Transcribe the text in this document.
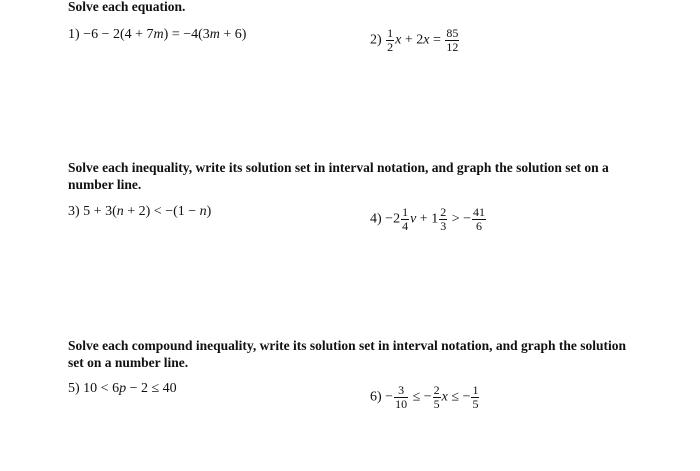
Solve each equation.
1) −6 − 2(4 + 7m) = −4(3m + 6)	$2) \frac{1}{2}$ $x + 2x = \frac{85}{12}$
Solve each inequality, write its solution set in interval notation, and graph the solution set on a number line.
3) 5 + 3(n + 2) < −(1 − n)
$4) -2 \frac{1}{4}$ $v + 1 \frac{2}{3}$ > − $\frac{41}{6}$
Solve each compound inequality, write its solution set in interval notation, and graph the solution set on a number line.
5) 10 < 6p − 2 ≤ 40
$6) - \frac{3}{10}$ ≤ − $\frac{2}{5}$ x ≤ − $\frac{1}{5}$
